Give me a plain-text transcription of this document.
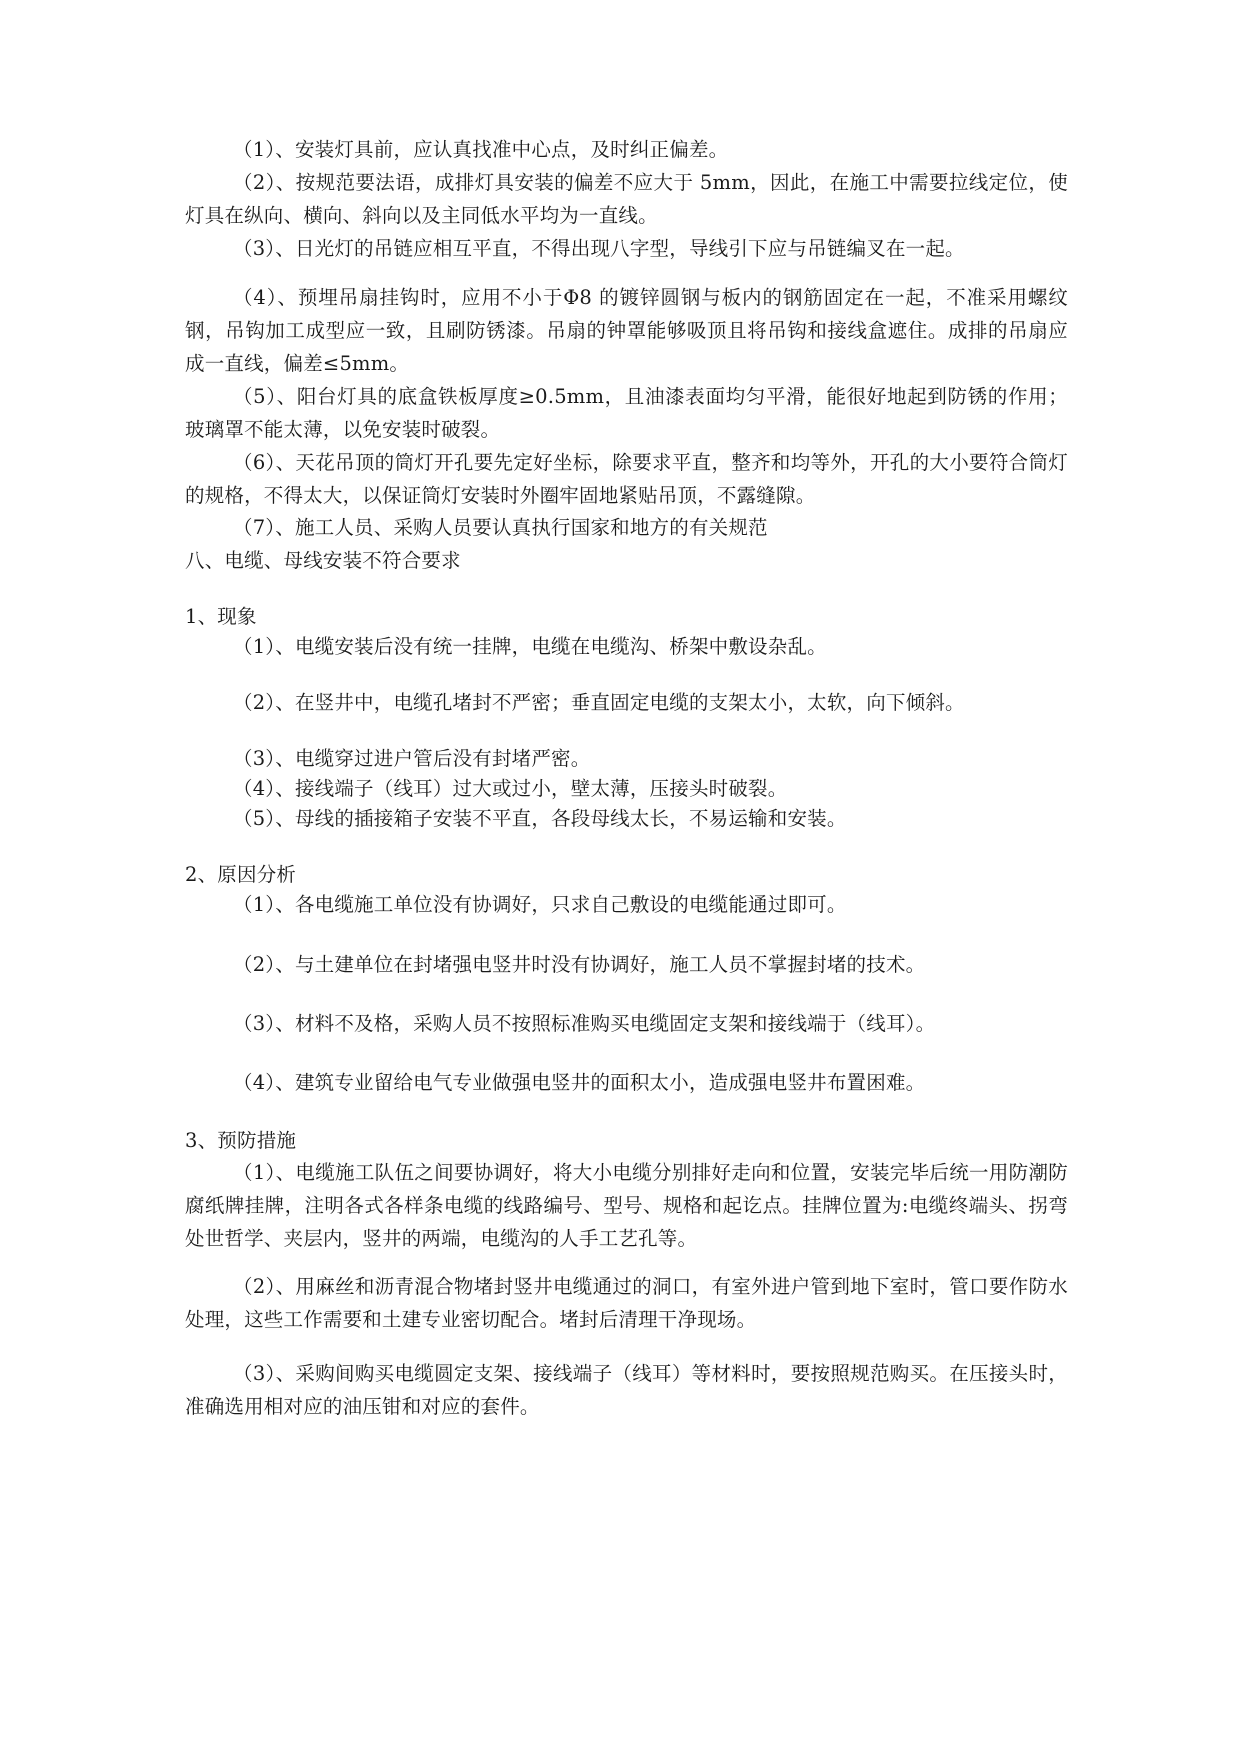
（1）、安装灯具前，应认真找准中心点，及时纠正偏差。

（2）、按规范要法语，成排灯具安装的偏差不应大于 5mm，因此，在施工中需要拉线定位，使灯具在纵向、横向、斜向以及主同低水平均为一直线。

（3）、日光灯的吊链应相互平直，不得出现八字型，导线引下应与吊链编叉在一起。

（4）、预埋吊扇挂钩时，应用不小于Φ8 的镀锌圆钢与板内的钢筋固定在一起，不准采用螺纹钢，吊钩加工成型应一致，且刷防锈漆。吊扇的钟罩能够吸顶且将吊钩和接线盒遮住。成排的吊扇应成一直线，偏差≤5mm。

（5）、阳台灯具的底盒铁板厚度≥0.5mm，且油漆表面均匀平滑，能很好地起到防锈的作用；玻璃罩不能太薄，以免安装时破裂。

（6）、天花吊顶的筒灯开孔要先定好坐标，除要求平直，整齐和均等外，开孔的大小要符合筒灯的规格，不得太大，以保证筒灯安装时外圈牢固地紧贴吊顶，不露缝隙。

（7）、施工人员、采购人员要认真执行国家和地方的有关规范

八、电缆、母线安装不符合要求

1、现象

（1）、电缆安装后没有统一挂牌，电缆在电缆沟、桥架中敷设杂乱。

（2）、在竖井中，电缆孔堵封不严密；垂直固定电缆的支架太小，太软，向下倾斜。

（3）、电缆穿过进户管后没有封堵严密。

（4）、接线端子（线耳）过大或过小，壁太薄，压接头时破裂。

（5）、母线的插接箱子安装不平直，各段母线太长，不易运输和安装。

2、原因分析

（1）、各电缆施工单位没有协调好，只求自己敷设的电缆能通过即可。

（2）、与土建单位在封堵强电竖井时没有协调好，施工人员不掌握封堵的技术。

（3）、材料不及格，采购人员不按照标准购买电缆固定支架和接线端于（线耳）。

（4）、建筑专业留给电气专业做强电竖井的面积太小，造成强电竖井布置困难。

3、预防措施

（1）、电缆施工队伍之间要协调好，将大小电缆分别排好走向和位置，安装完毕后统一用防潮防腐纸牌挂牌，注明各式各样条电缆的线路编号、型号、规格和起讫点。挂牌位置为:电缆终端头、拐弯处世哲学、夹层内，竖井的两端，电缆沟的人手工艺孔等。

（2）、用麻丝和沥青混合物堵封竖井电缆通过的洞口，有室外进户管到地下室时，管口要作防水处理，这些工作需要和土建专业密切配合。堵封后清理干净现场。

（3）、采购间购买电缆圆定支架、接线端子（线耳）等材料时，要按照规范购买。在压接头时，准确选用相对应的油压钳和对应的套件。
